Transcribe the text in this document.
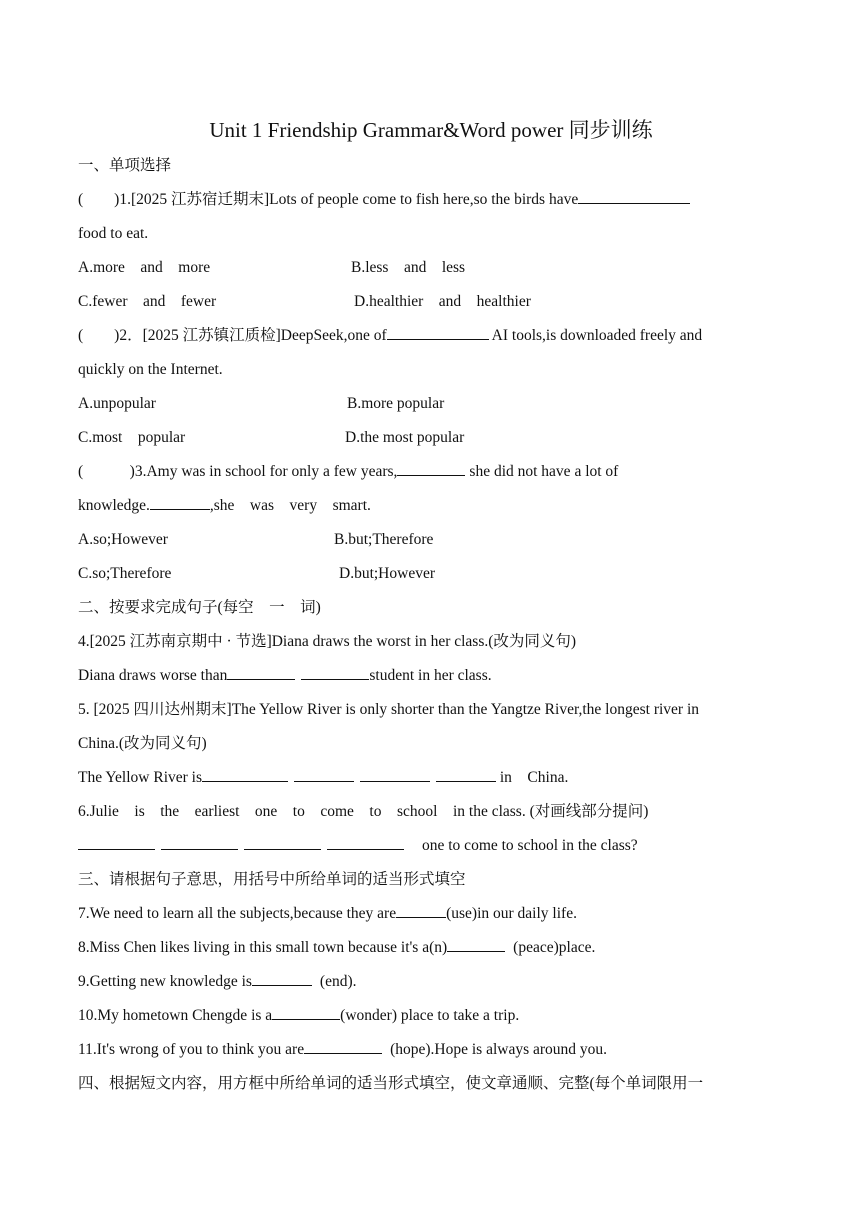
Unit 1 Friendship Grammar&Word power 同步训练
一、单项选择
(　　)1.[2025 江苏宿迁期末]Lots of people come to fish here,so the birds have
food to eat.
A.more　and　more	B.less　and　less
C.fewer　and　fewer	D.healthier　and　healthier
(　　)2．[2025 江苏镇江质检]DeepSeek,one of	AI tools,is downloaded freely and
quickly on the Internet.
A.unpopular	B.more popular
C.most　popular	D.the most popular
(　　　)3.Amy was in school for only a few years,	she did not have a lot of
knowledge.	,she　was　very　smart.
A.so;However	B.but;Therefore
C.so;Therefore	D.but;However
二、按要求完成句子(每空　一　词)
4.[2025 江苏南京期中 · 节选]Diana draws the worst in her class.(改为同义句)
Diana draws worse than	student in her class.
5. [2025 四川达州期末]The Yellow River is only shorter than the Yangtze River,the longest river in
China.(改为同义句)
The Yellow River is	in　China.
6.Julie　is　the　earliest　one　to　come　to　school　in the class. (对画线部分提问)
one to come to school in the class?
三、请根据句子意思，用括号中所给单词的适当形式填空
7.We need to learn all the subjects,because they are	(use)in our daily life.
8.Miss Chen likes living in this small town because it's a(n)	(peace)place.
9.Getting new knowledge is	(end).
10.My hometown Chengde is a	(wonder) place to take a trip.
11.It's wrong of you to think you are	(hope).Hope is always around you.
四、根据短文内容，用方框中所给单词的适当形式填空，使文章通顺、完整(每个单词限用一
